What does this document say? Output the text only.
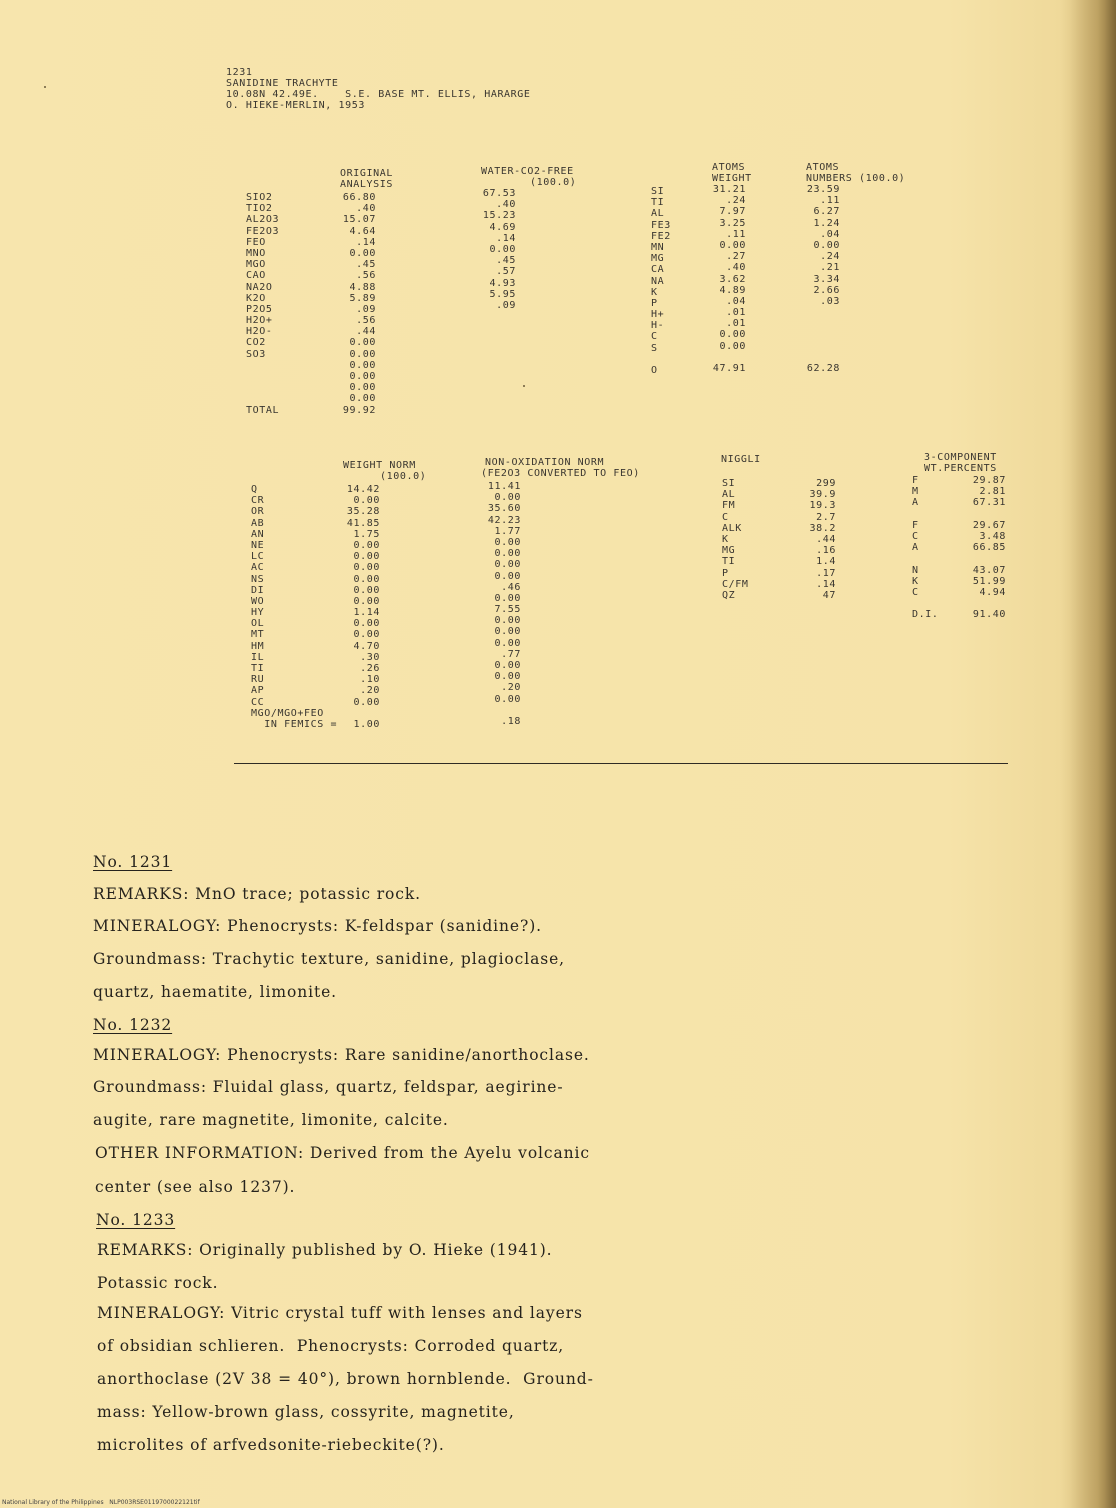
1231
SANIDINE TRACHYTE
10.08N 42.49E.    S.E. BASE MT. ELLIS, HARARGE
O. HIEKE-MERLIN, 1953
ORIGINAL
ANALYSIS
WATER-CO2-FREE
(100.0)
SIO2
TIO2
AL2O3
FE2O3
FEO
MNO
MGO
CAO
NA2O
K2O
P2O5
H2O+
H2O-
CO2
SO3
TOTAL
66.80
.40
15.07
4.64
.14
0.00
.45
.56
4.88
5.89
.09
.56
.44
0.00
0.00
0.00
0.00
0.00
0.00
99.92
67.53
.40
15.23
4.69
.14
0.00
.45
.57
4.93
5.95
.09
ATOMS
WEIGHT
ATOMS
NUMBERS (100.0)
SI
TI
AL
FE3
FE2
MN
MG
CA
NA
K
P
H+
H-
C
S
O
31.21
.24
7.97
3.25
.11
0.00
.27
.40
3.62
4.89
.04
.01
.01
0.00
0.00
47.91
23.59
.11
6.27
1.24
.04
0.00
.24
.21
3.34
2.66
.03
62.28
WEIGHT NORM
(100.0)
NON-OXIDATION NORM
(FE2O3 CONVERTED TO FEO)
Q
CR
OR
AB
AN
NE
LC
AC
NS
DI
WO
HY
OL
MT
HM
IL
TI
RU
AP
CC
MGO/MGO+FEO
IN FEMICS =
14.42
0.00
35.28
41.85
1.75
0.00
0.00
0.00
0.00
0.00
0.00
1.14
0.00
0.00
4.70
.30
.26
.10
.20
0.00
1.00
11.41
0.00
35.60
42.23
1.77
0.00
0.00
0.00
0.00
.46
0.00
7.55
0.00
0.00
0.00
.77
0.00
0.00
.20
0.00
.18
NIGGLI
SI
AL
FM
C
ALK
K
MG
TI
P
C/FM
QZ
299
39.9
19.3
2.7
38.2
.44
.16
1.4
.17
.14
47
3-COMPONENT
WT.PERCENTS
F
M
A
F
C
A
N
K
C
D.I.
29.87
2.81
67.31
29.67
3.48
66.85
43.07
51.99
4.94
91.40
No. 1231
REMARKS: MnO trace; potassic rock.
MINERALOGY: Phenocrysts: K-feldspar (sanidine?).
Groundmass: Trachytic texture, sanidine, plagioclase,
quartz, haematite, limonite.
No. 1232
MINERALOGY: Phenocrysts: Rare sanidine/anorthoclase.
Groundmass: Fluidal glass, quartz, feldspar, aegirine-
augite, rare magnetite, limonite, calcite.
OTHER INFORMATION: Derived from the Ayelu volcanic
center (see also 1237).
No. 1233
REMARKS: Originally published by O. Hieke (1941).
Potassic rock.
MINERALOGY: Vitric crystal tuff with lenses and layers
of obsidian schlieren.  Phenocrysts: Corroded quartz,
anorthoclase (2V 38 = 40°), brown hornblende.  Ground-
mass: Yellow-brown glass, cossyrite, magnetite,
microlites of arfvedsonite-riebeckite(?).
National Library of the Philippines   NLP003RSE0119700022121tif
